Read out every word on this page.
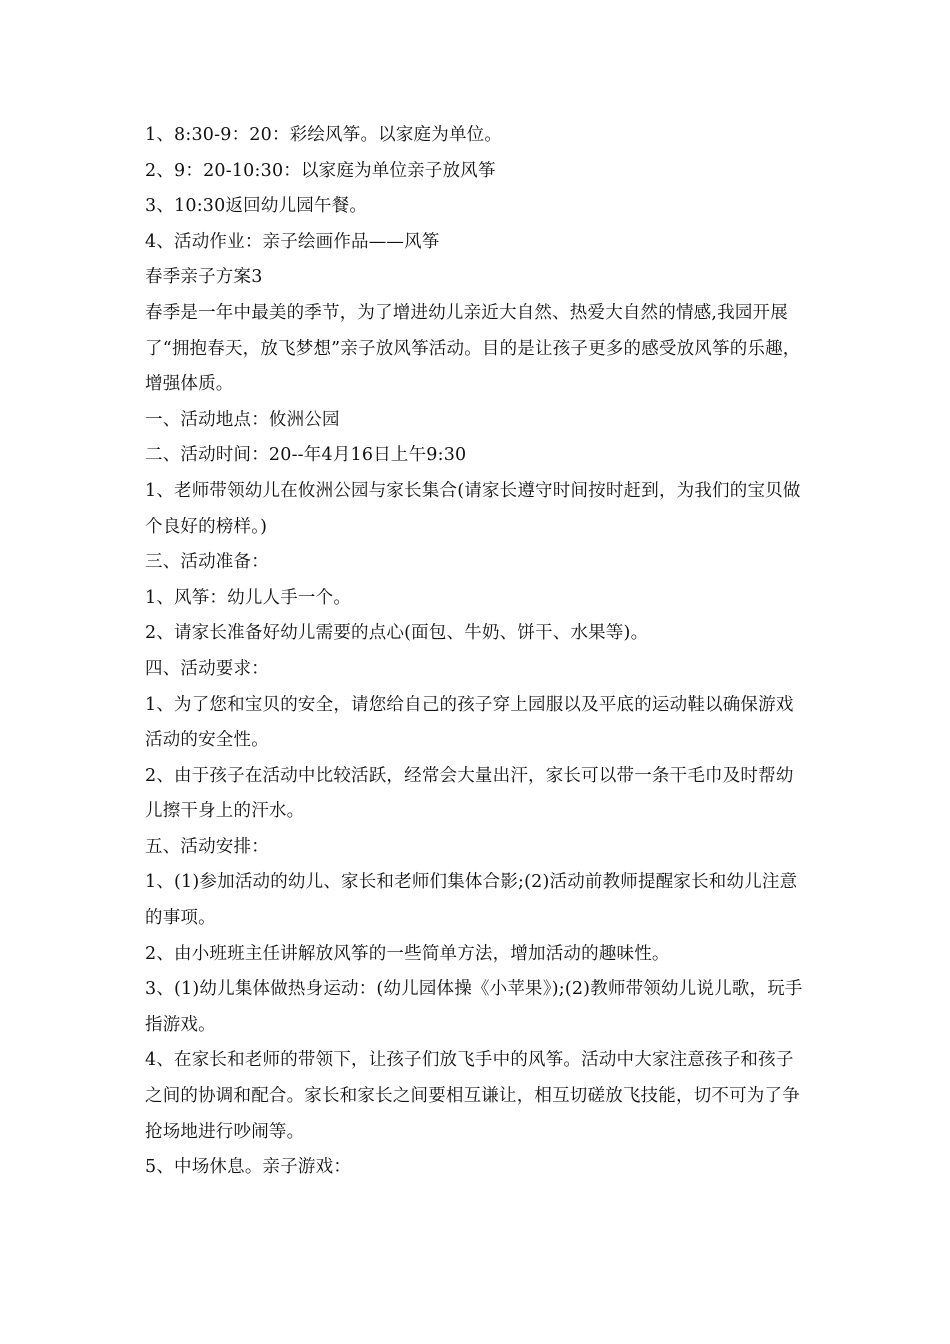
1、8:30-9：20：彩绘风筝。以家庭为单位。

2、9：20-10:30：以家庭为单位亲子放风筝

3、10:30返回幼儿园午餐。

4、活动作业：亲子绘画作品——风筝

春季亲子方案3

春季是一年中最美的季节，为了增进幼儿亲近大自然、热爱大自然的情感,我园开展了“拥抱春天，放飞梦想”亲子放风筝活动。目的是让孩子更多的感受放风筝的乐趣，增强体质。

一、活动地点：攸洲公园

二、活动时间：20--年4月16日上午9:30

1、老师带领幼儿在攸洲公园与家长集合(请家长遵守时间按时赶到，为我们的宝贝做个良好的榜样。)

三、活动准备：

1、风筝：幼儿人手一个。

2、请家长准备好幼儿需要的点心(面包、牛奶、饼干、水果等)。

四、活动要求：

1、为了您和宝贝的安全，请您给自己的孩子穿上园服以及平底的运动鞋以确保游戏活动的安全性。

2、由于孩子在活动中比较活跃，经常会大量出汗，家长可以带一条干毛巾及时帮幼儿擦干身上的汗水。

五、活动安排：

1、(1)参加活动的幼儿、家长和老师们集体合影;(2)活动前教师提醒家长和幼儿注意的事项。

2、由小班班主任讲解放风筝的一些简单方法，增加活动的趣味性。

3、(1)幼儿集体做热身运动：(幼儿园体操《小苹果》);(2)教师带领幼儿说儿歌，玩手指游戏。

4、在家长和老师的带领下，让孩子们放飞手中的风筝。活动中大家注意孩子和孩子之间的协调和配合。家长和家长之间要相互谦让，相互切磋放飞技能，切不可为了争抢场地进行吵闹等。

5、中场休息。亲子游戏：
